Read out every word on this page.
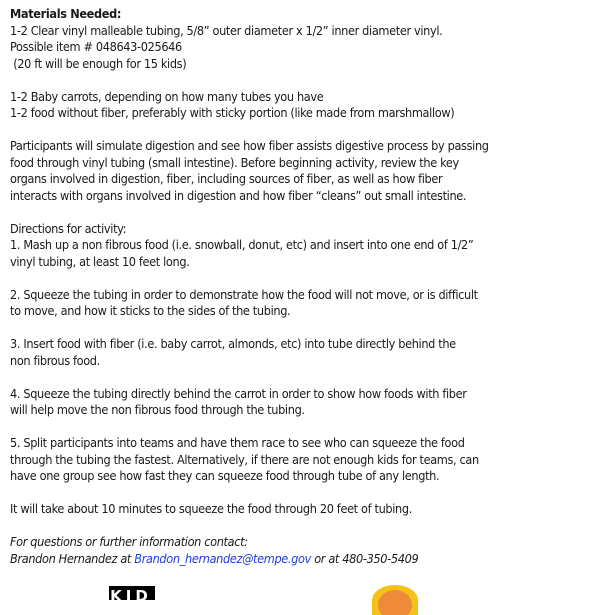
Materials Needed:
1-2 Clear vinyl malleable tubing, 5/8” outer diameter x 1/2” inner diameter vinyl.
Possible item # 048643-025646
(20 ft will be enough for 15 kids)
1-2 Baby carrots, depending on how many tubes you have
1-2 food without fiber, preferably with sticky portion (like made from marshmallow)
Participants will simulate digestion and see how fiber assists digestive process by passing
food through vinyl tubing (small intestine). Before beginning activity, review the key
organs involved in digestion, fiber, including sources of fiber, as well as how fiber
interacts with organs involved in digestion and how fiber “cleans” out small intestine.
Directions for activity:
1. Mash up a non fibrous food (i.e. snowball, donut, etc) and insert into one end of 1/2”
vinyl tubing, at least 10 feet long.
2. Squeeze the tubing in order to demonstrate how the food will not move, or is difficult
to move, and how it sticks to the sides of the tubing.
3. Insert food with fiber (i.e. baby carrot, almonds, etc) into tube directly behind the
non fibrous food.
4. Squeeze the tubing directly behind the carrot in order to show how foods with fiber
will help move the non fibrous food through the tubing.
5. Split participants into teams and have them race to see who can squeeze the food
through the tubing the fastest. Alternatively, if there are not enough kids for teams, can
have one group see how fast they can squeeze food through tube of any length.
It will take about 10 minutes to squeeze the food through 20 feet of tubing.
For questions or further information contact:
Brandon Hernandez at Brandon_hernandez@tempe.gov or at 480-350-5409
KID
